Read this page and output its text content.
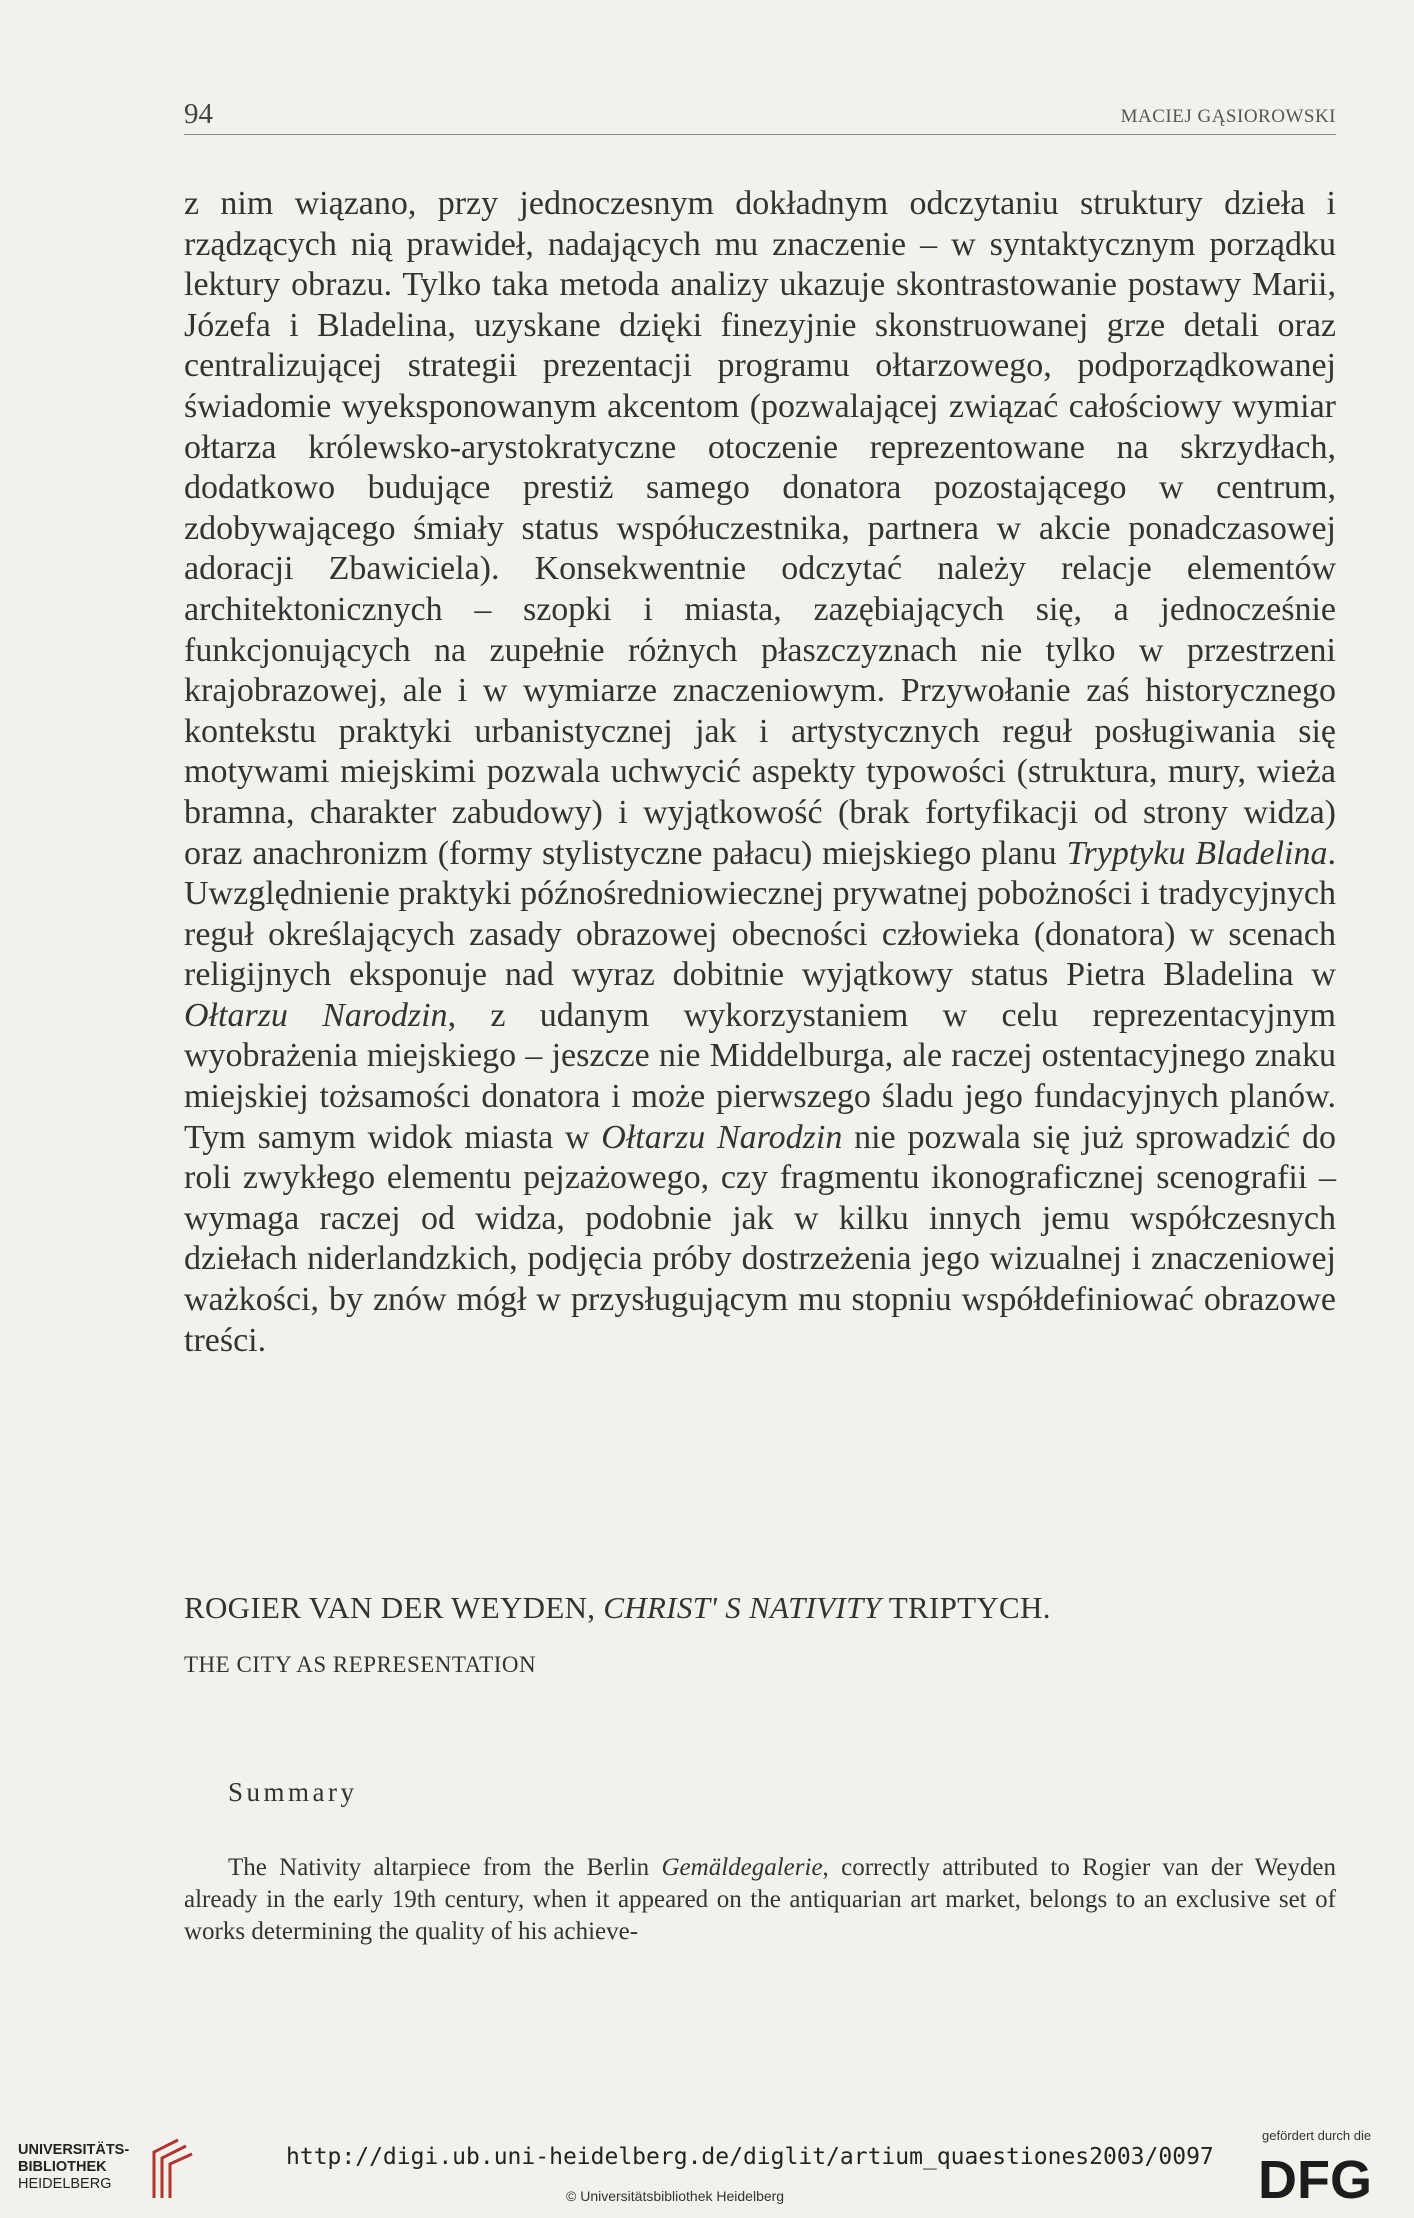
94	MACIEJ GĄSIOROWSKI

z nim wiązano, przy jednoczesnym dokładnym odczytaniu struktury dzieła i rządzących nią prawideł, nadających mu znaczenie – w syntaktycznym porządku lektury obrazu. Tylko taka metoda analizy ukazuje skontrastowanie postawy Marii, Józefa i Bladelina, uzyskane dzięki finezyjnie skonstruowanej grze detali oraz centralizującej strategii prezentacji programu ołtarzowego, podporządkowanej świadomie wyeksponowanym akcentom (pozwalającej związać całościowy wymiar ołtarza królewsko-arystokratyczne otoczenie reprezentowane na skrzydłach, dodatkowo budujące prestiż samego donatora pozostającego w centrum, zdobywającego śmiały status współuczestnika, partnera w akcie ponadczasowej adoracji Zbawiciela). Konsekwentnie odczytać należy relacje elementów architektonicznych – szopki i miasta, zazębiających się, a jednocześnie funkcjonujących na zupełnie różnych płaszczyznach nie tylko w przestrzeni krajobrazowej, ale i w wymiarze znaczeniowym. Przywołanie zaś historycznego kontekstu praktyki urbanistycznej jak i artystycznych reguł posługiwania się motywami miejskimi pozwala uchwycić aspekty typowości (struktura, mury, wieża bramna, charakter zabudowy) i wyjątkowość (brak fortyfikacji od strony widza) oraz anachronizm (formy stylistyczne pałacu) miejskiego planu Tryptyku Bladelina. Uwzględnienie praktyki późnośredniowiecznej prywatnej pobożności i tradycyjnych reguł określających zasady obrazowej obecności człowieka (donatora) w scenach religijnych eksponuje nad wyraz dobitnie wyjątkowy status Pietra Bladelina w Ołtarzu Narodzin, z udanym wykorzystaniem w celu reprezentacyjnym wyobrażenia miejskiego – jeszcze nie Middelburga, ale raczej ostentacyjnego znaku miejskiej tożsamości donatora i może pierwszego śladu jego fundacyjnych planów. Tym samym widok miasta w Ołtarzu Narodzin nie pozwala się już sprowadzić do roli zwykłego elementu pejzażowego, czy fragmentu ikonograficznej scenografii – wymaga raczej od widza, podobnie jak w kilku innych jemu współczesnych dziełach niderlandzkich, podjęcia próby dostrzeżenia jego wizualnej i znaczeniowej ważkości, by znów mógł w przysługującym mu stopniu współdefiniować obrazowe treści.

ROGIER VAN DER WEYDEN, CHRIST' S NATIVITY TRIPTYCH.
THE CITY AS REPRESENTATION
Summary
The Nativity altarpiece from the Berlin Gemäldegalerie, correctly attributed to Rogier van der Weyden already in the early 19th century, when it appeared on the antiquarian art market, belongs to an exclusive set of works determining the quality of his achieve-
UNIVERSITÄTS-
BIBLIOTHEK
HEIDELBERG
http://digi.ub.uni-heidelberg.de/diglit/artium_quaestiones2003/0097
© Universitätsbibliothek Heidelberg
gefördert durch die
DFG
